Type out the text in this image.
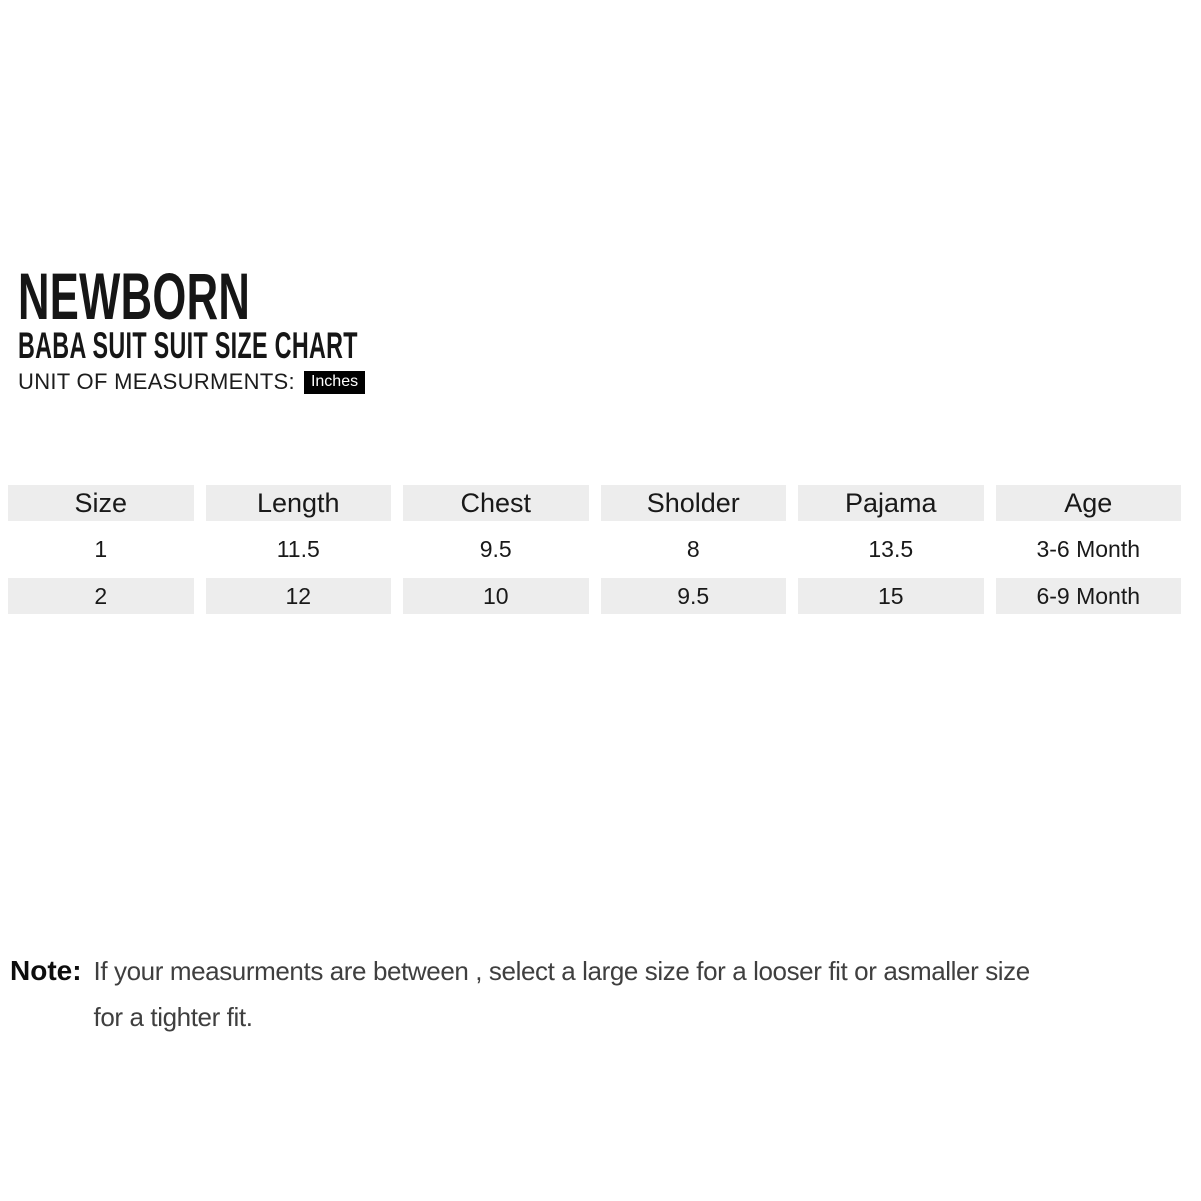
NEWBORN
BABA SUIT SUIT SIZE CHART
UNIT OF MEASURMENTS:	Inches
Size	Length	Chest	Sholder	Pajama	Age
1	11.5	9.5	8	13.5	3-6 Month
2	12	10	9.5	15	6-9 Month
Note: If your measurments are between , select a large size for a looser fit or asmaller size
for a tighter fit.
